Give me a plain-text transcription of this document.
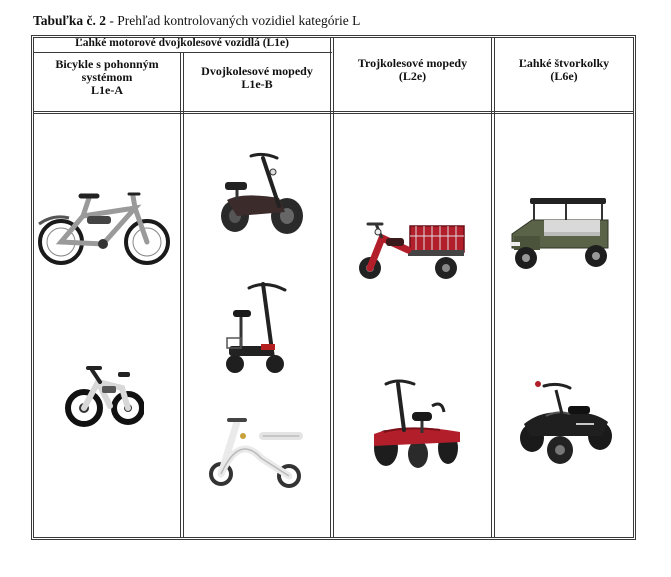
Tabuľka č. 2 - Prehľad kontrolovaných vozidiel kategórie L
Ľahké motorové dvojkolesové vozidlá (L1e)
Bicykle s pohonným
systémom
L1e-A
Dvojkolesové mopedy
L1e-B
Trojkolesové mopedy
(L2e)
Ľahké štvorkolky
(L6e)
